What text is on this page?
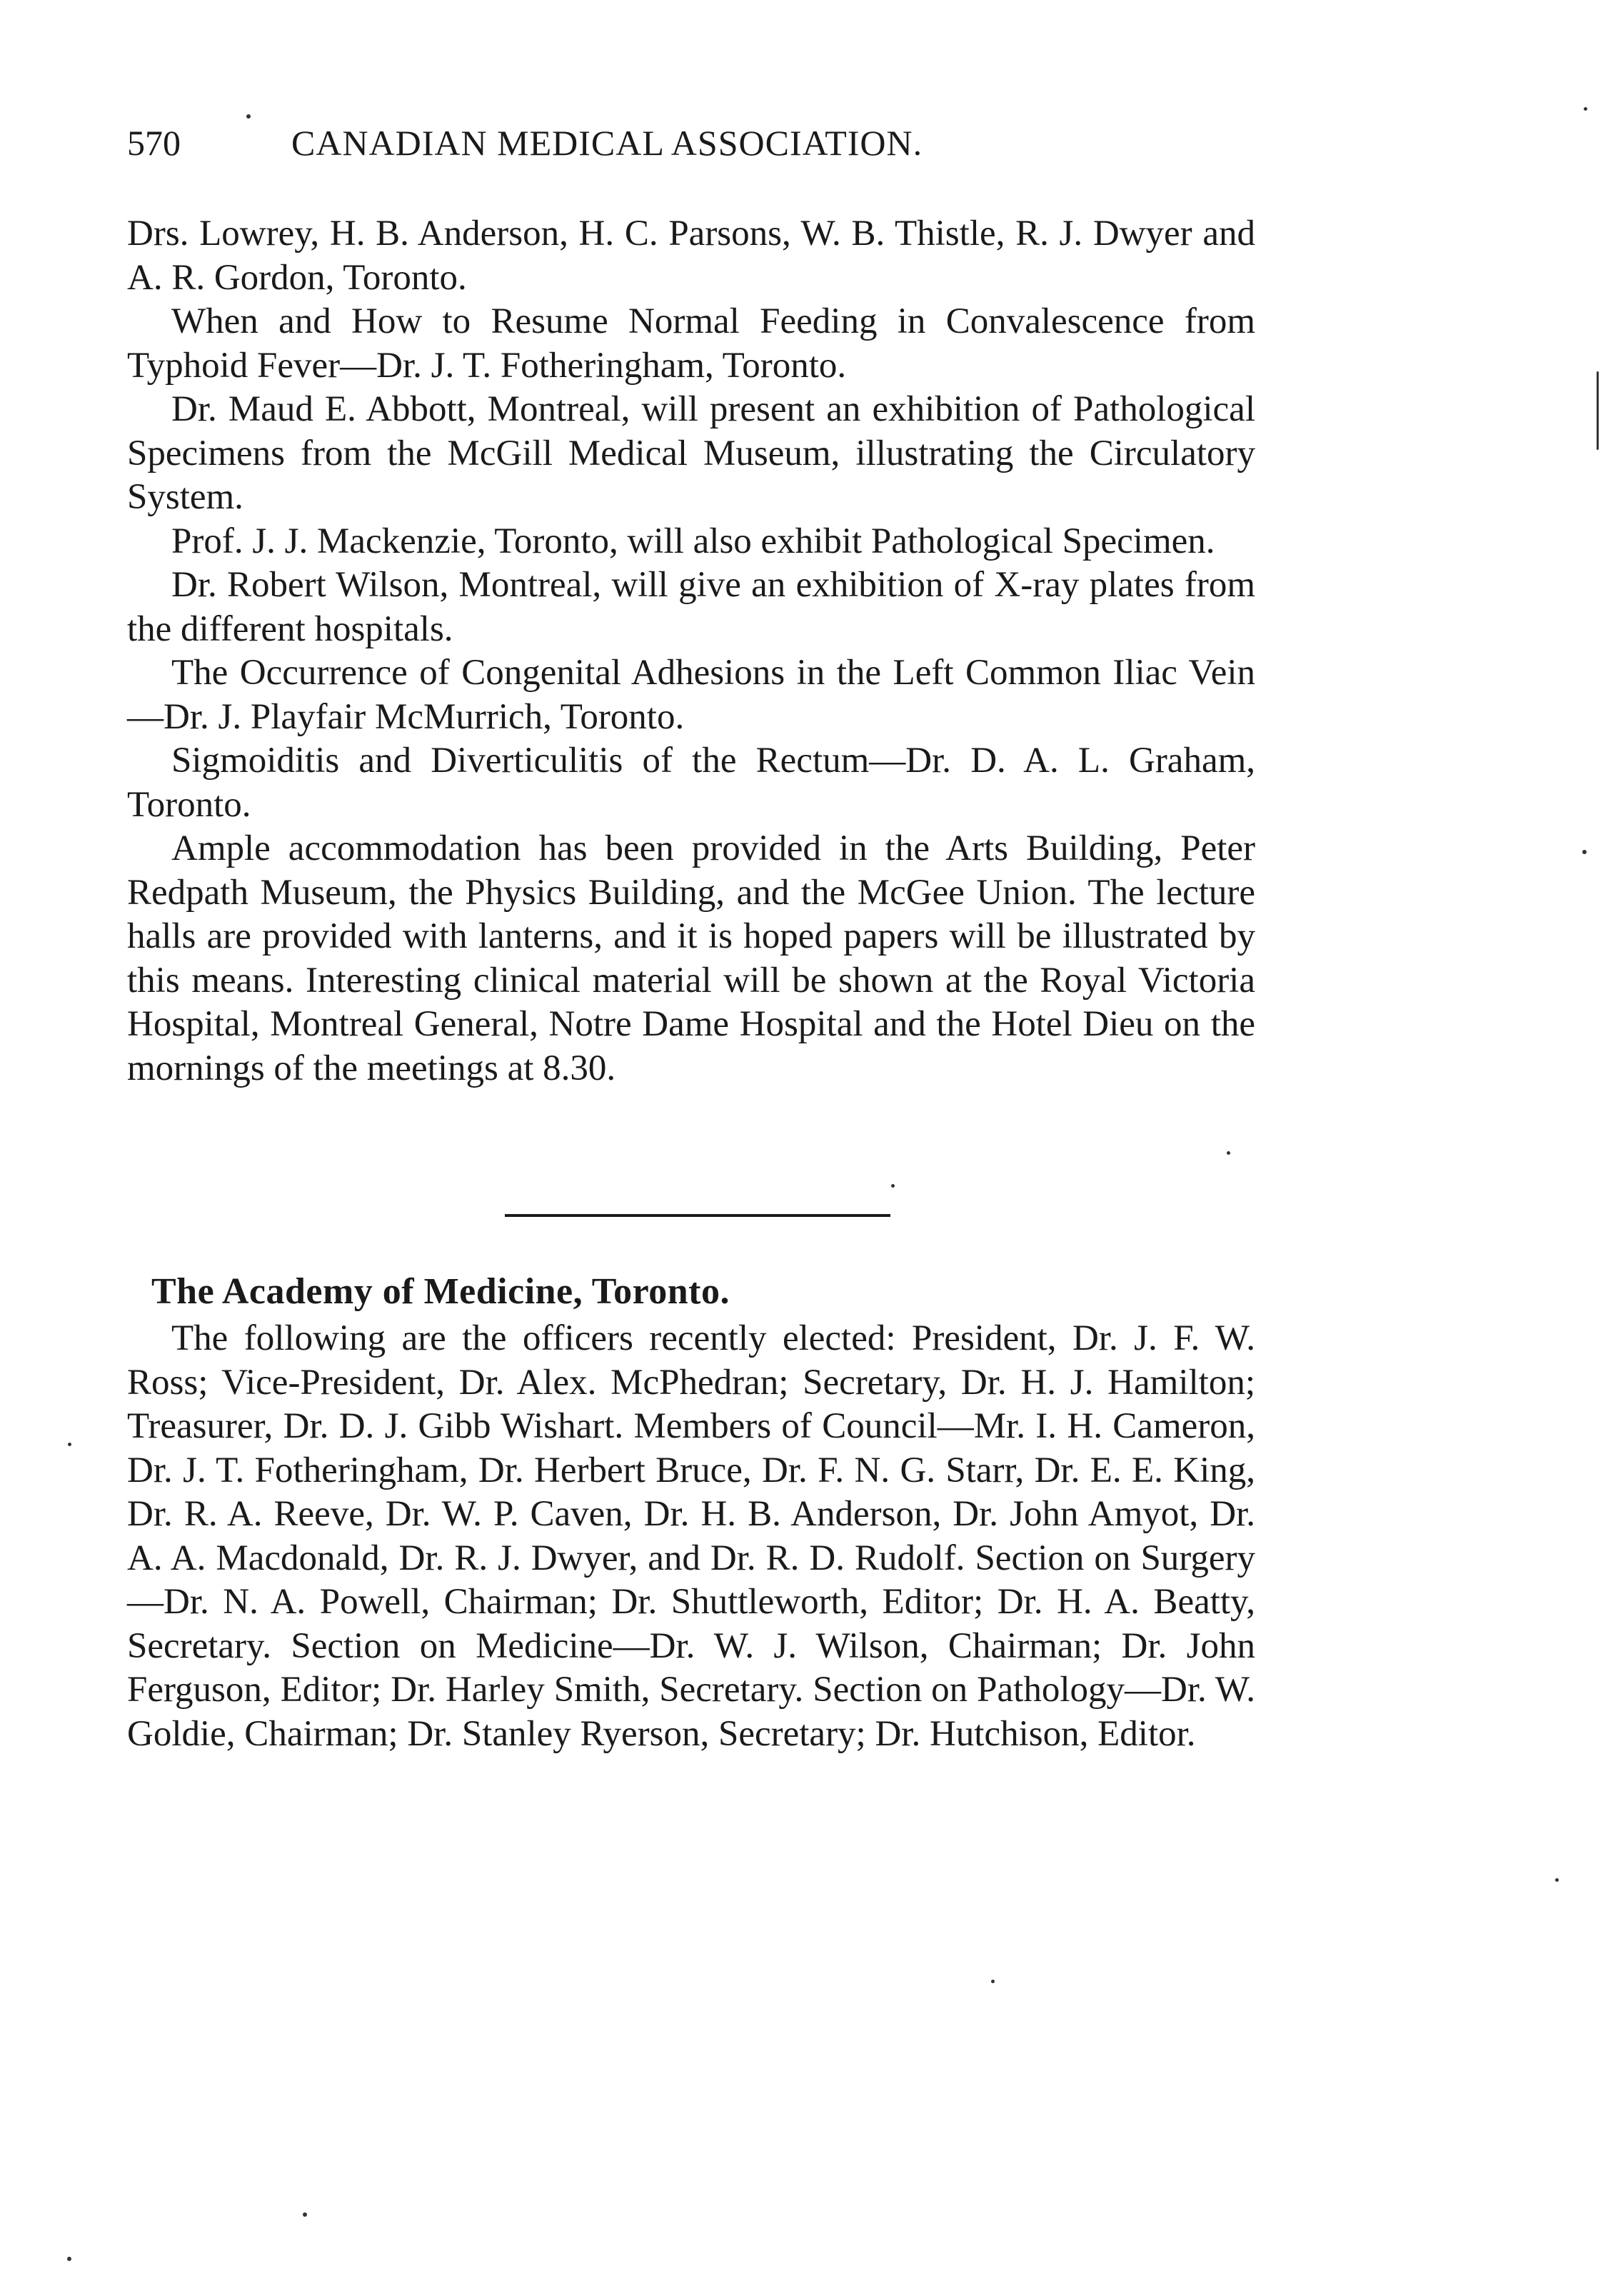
570	CANADIAN MEDICAL ASSOCIATION.

Drs. Lowrey, H. B. Anderson, H. C. Parsons, W. B. Thistle, R. J. Dwyer and A. R. Gordon, Toronto.

When and How to Resume Normal Feeding in Convalescence from Typhoid Fever—Dr. J. T. Fotheringham, Toronto.

Dr. Maud E. Abbott, Montreal, will present an exhibition of Pathological Specimens from the McGill Medical Museum, illustrating the Circulatory System.

Prof. J. J. Mackenzie, Toronto, will also exhibit Pathological Specimen.

Dr. Robert Wilson, Montreal, will give an exhibition of X-ray plates from the different hospitals.

The Occurrence of Congenital Adhesions in the Left Common Iliac Vein—Dr. J. Playfair McMurrich, Toronto.

Sigmoiditis and Diverticulitis of the Rectum—Dr. D. A. L. Graham, Toronto.

Ample accommodation has been provided in the Arts Building, Peter Redpath Museum, the Physics Building, and the McGee Union. The lecture halls are provided with lanterns, and it is hoped papers will be illustrated by this means. Interesting clinical material will be shown at the Royal Victoria Hospital, Montreal General, Notre Dame Hospital and the Hotel Dieu on the mornings of the meetings at 8.30.

The Academy of Medicine, Toronto.

The following are the officers recently elected: President, Dr. J. F. W. Ross; Vice-President, Dr. Alex. McPhedran; Secretary, Dr. H. J. Hamilton; Treasurer, Dr. D. J. Gibb Wishart. Members of Council—Mr. I. H. Cameron, Dr. J. T. Fotheringham, Dr. Herbert Bruce, Dr. F. N. G. Starr, Dr. E. E. King, Dr. R. A. Reeve, Dr. W. P. Caven, Dr. H. B. Anderson, Dr. John Amyot, Dr. A. A. Macdonald, Dr. R. J. Dwyer, and Dr. R. D. Rudolf. Section on Surgery—Dr. N. A. Powell, Chairman; Dr. Shuttleworth, Editor; Dr. H. A. Beatty, Secretary. Section on Medicine—Dr. W. J. Wilson, Chairman; Dr. John Ferguson, Editor; Dr. Harley Smith, Secretary. Section on Pathology—Dr. W. Goldie, Chairman; Dr. Stanley Ryerson, Secretary; Dr. Hutchison, Editor.
